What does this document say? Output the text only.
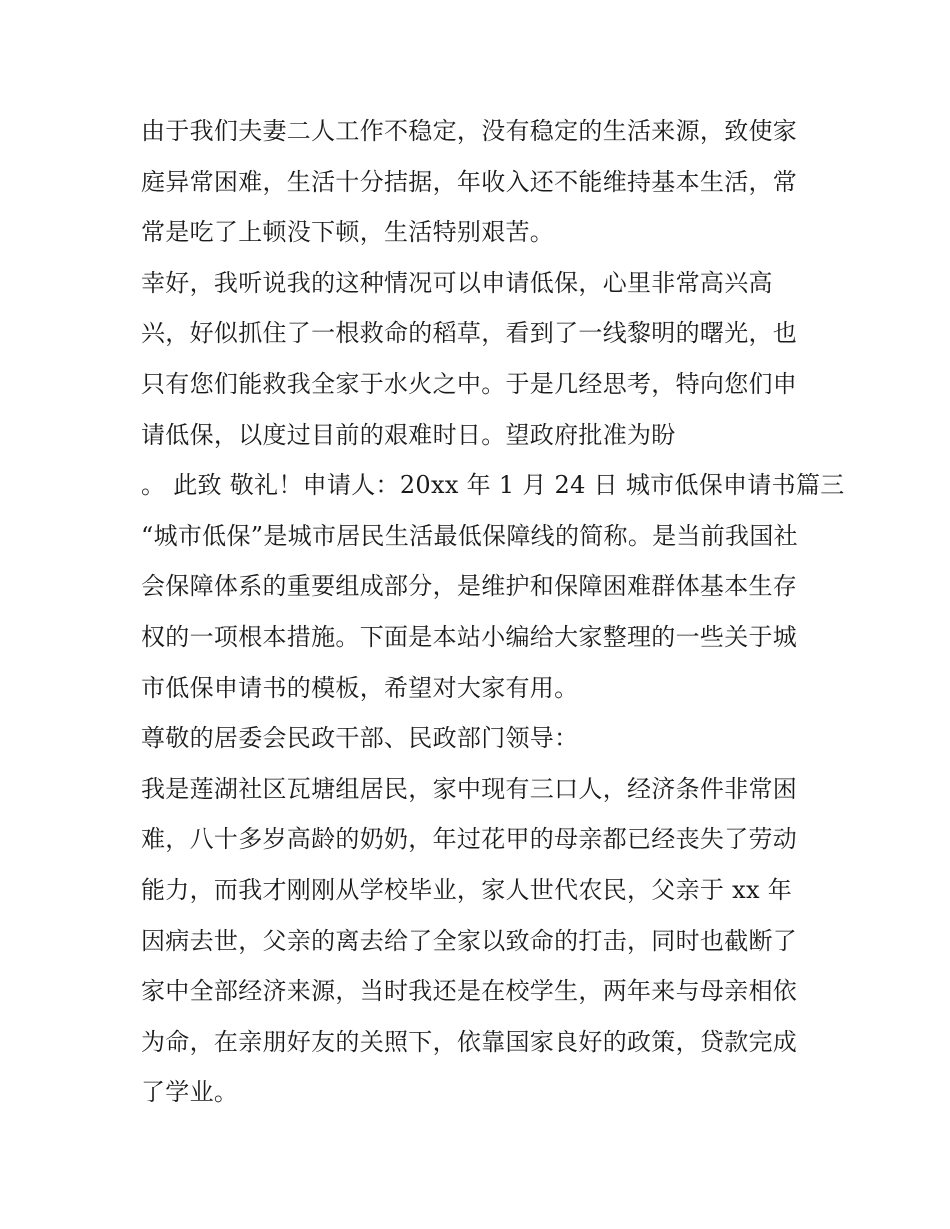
由于我们夫妻二人工作不稳定，没有稳定的生活来源，致使家
庭异常困难，生活十分拮据，年收入还不能维持基本生活，常
常是吃了上顿没下顿，生活特别艰苦。
幸好，我听说我的这种情况可以申请低保，心里非常高兴高
兴，好似抓住了一根救命的稻草，看到了一线黎明的曙光，也
只有您们能救我全家于水火之中。于是几经思考，特向您们申
请低保，以度过目前的艰难时日。望政府批准为盼
。 此致 敬礼！申请人：20xx 年 1 月 24 日 城市低保申请书篇三
“城市低保”是城市居民生活最低保障线的简称。是当前我国社
会保障体系的重要组成部分，是维护和保障困难群体基本生存
权的一项根本措施。下面是本站小编给大家整理的一些关于城
市低保申请书的模板，希望对大家有用。
尊敬的居委会民政干部、民政部门领导：
我是莲湖社区瓦塘组居民，家中现有三口人，经济条件非常困
难，八十多岁高龄的奶奶，年过花甲的母亲都已经丧失了劳动
能力，而我才刚刚从学校毕业，家人世代农民，父亲于 xx 年
因病去世，父亲的离去给了全家以致命的打击，同时也截断了
家中全部经济来源，当时我还是在校学生，两年来与母亲相依
为命，在亲朋好友的关照下，依靠国家良好的政策，贷款完成
了学业。
